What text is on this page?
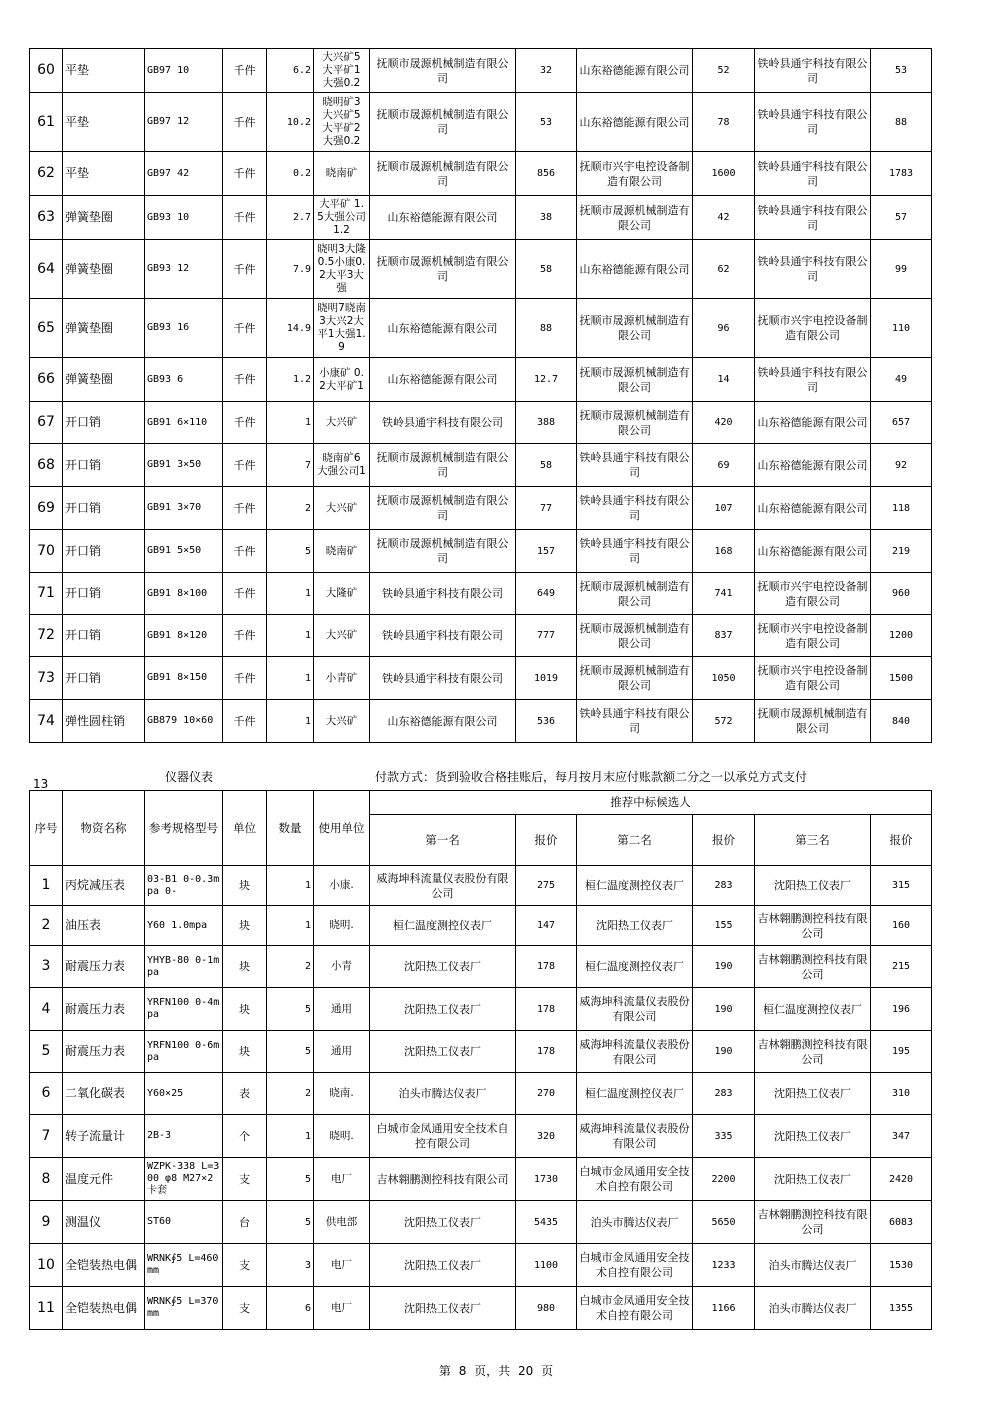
60	平垫	GB97 10	千件	6.2	大兴矿5 大平矿1 大强0.2	抚顺市晟源机械制造有限公司	32	山东裕德能源有限公司	52	铁岭县通宇科技有限公司	53
61	平垫	GB97 12	千件	10.2	晓明矿3 大兴矿5 大平矿2 大强0.2	抚顺市晟源机械制造有限公司	53	山东裕德能源有限公司	78	铁岭县通宇科技有限公司	88
62	平垫	GB97 42	千件	0.2	晓南矿	抚顺市晟源机械制造有限公司	856	抚顺市兴宇电控设备制造有限公司	1600	铁岭县通宇科技有限公司	1783
63	弹簧垫圈	GB93 10	千件	2.7	大平矿 1.5大强公司1.2	山东裕德能源有限公司	38	抚顺市晟源机械制造有限公司	42	铁岭县通宇科技有限公司	57
64	弹簧垫圈	GB93 12	千件	7.9	晓明3大隆0.5小康0.2大平3大强	抚顺市晟源机械制造有限公司	58	山东裕德能源有限公司	62	铁岭县通宇科技有限公司	99
65	弹簧垫圈	GB93 16	千件	14.9	晓明7晓南3大兴2大平1大强1.9	山东裕德能源有限公司	88	抚顺市晟源机械制造有限公司	96	抚顺市兴宇电控设备制造有限公司	110
66	弹簧垫圈	GB93 6	千件	1.2	小康矿 0.2大平矿1	山东裕德能源有限公司	12.7	抚顺市晟源机械制造有限公司	14	铁岭县通宇科技有限公司	49
67	开口销	GB91 6×110	千件	1	大兴矿	铁岭县通宇科技有限公司	388	抚顺市晟源机械制造有限公司	420	山东裕德能源有限公司	657
68	开口销	GB91 3×50	千件	7	晓南矿6 大强公司1	抚顺市晟源机械制造有限公司	58	铁岭县通宇科技有限公司	69	山东裕德能源有限公司	92
69	开口销	GB91 3×70	千件	2	大兴矿	抚顺市晟源机械制造有限公司	77	铁岭县通宇科技有限公司	107	山东裕德能源有限公司	118
70	开口销	GB91 5×50	千件	5	晓南矿	抚顺市晟源机械制造有限公司	157	铁岭县通宇科技有限公司	168	山东裕德能源有限公司	219
71	开口销	GB91 8×100	千件	1	大隆矿	铁岭县通宇科技有限公司	649	抚顺市晟源机械制造有限公司	741	抚顺市兴宇电控设备制造有限公司	960
72	开口销	GB91 8×120	千件	1	大兴矿	铁岭县通宇科技有限公司	777	抚顺市晟源机械制造有限公司	837	抚顺市兴宇电控设备制造有限公司	1200
73	开口销	GB91 8×150	千件	1	小青矿	铁岭县通宇科技有限公司	1019	抚顺市晟源机械制造有限公司	1050	抚顺市兴宇电控设备制造有限公司	1500
74	弹性圆柱销	GB879 10×60	千件	1	大兴矿	山东裕德能源有限公司	536	铁岭县通宇科技有限公司	572	抚顺市晟源机械制造有限公司	840
13	仪器仪表	付款方式：货到验收合格挂账后，每月按月末应付账款额二分之一以承兑方式支付
序号	物资名称	参考规格型号	单位	数量	使用单位	推荐中标候选人					
						第一名	报价	第二名	报价	第三名	报价
1	丙烷减压表	03-B1 0-0.3mpa 0-	块	1	小康.	威海坤科流量仪表股份有限公司	275	桓仁温度测控仪表厂	283	沈阳热工仪表厂	315
2	油压表	Y60 1.0mpa	块	1	晓明.	桓仁温度测控仪表厂	147	沈阳热工仪表厂	155	吉林翱鹏测控科技有限公司	160
3	耐震压力表	YHYB-80 0-1mpa	块	2	小青	沈阳热工仪表厂	178	桓仁温度测控仪表厂	190	吉林翱鹏测控科技有限公司	215
4	耐震压力表	YRFN100 0-4mpa	块	5	通用	沈阳热工仪表厂	178	威海坤科流量仪表股份有限公司	190	桓仁温度测控仪表厂	196
5	耐震压力表	YRFN100 0-6mpa	块	5	通用	沈阳热工仪表厂	178	威海坤科流量仪表股份有限公司	190	吉林翱鹏测控科技有限公司	195
6	二氧化碳表	Y60×25	表	2	晓南.	泊头市腾达仪表厂	270	桓仁温度测控仪表厂	283	沈阳热工仪表厂	310
7	转子流量计	2B-3	个	1	晓明.	白城市金凤通用安全技术自控有限公司	320	威海坤科流量仪表股份有限公司	335	沈阳热工仪表厂	347
8	温度元件	WZPK-338 L=300 φ8 M27×2卡套	支	5	电厂	吉林翱鹏测控科技有限公司	1730	白城市金凤通用安全技术自控有限公司	2200	沈阳热工仪表厂	2420
9	测温仪	ST60	台	5	供电部	沈阳热工仪表厂	5435	泊头市腾达仪表厂	5650	吉林翱鹏测控科技有限公司	6083
10	全铠装热电偶	WRNK∮5 L=460mm	支	3	电厂	沈阳热工仪表厂	1100	白城市金凤通用安全技术自控有限公司	1233	泊头市腾达仪表厂	1530
11	全铠装热电偶	WRNK∮5 L=370mm	支	6	电厂	沈阳热工仪表厂	980	白城市金凤通用安全技术自控有限公司	1166	泊头市腾达仪表厂	1355
第 8 页，共 20 页
